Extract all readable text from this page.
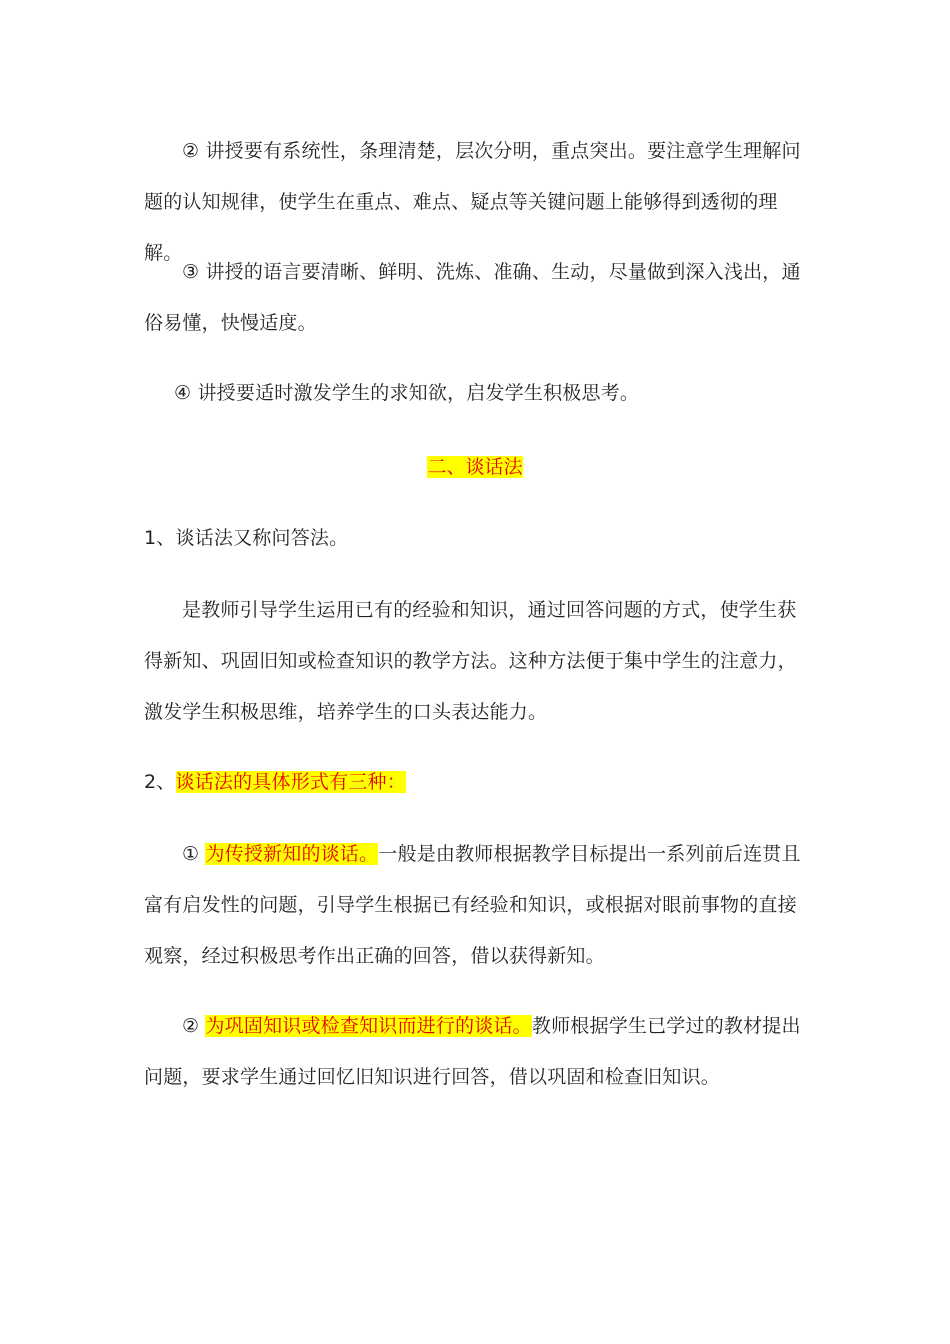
② 讲授要有系统性，条理清楚，层次分明，重点突出。要注意学生理解问题的认知规律，使学生在重点、难点、疑点等关键问题上能够得到透彻的理解。

③ 讲授的语言要清晰、鲜明、洗炼、准确、生动，尽量做到深入浅出，通俗易懂，快慢适度。

④ 讲授要适时激发学生的求知欲，启发学生积极思考。

二、谈话法

1、谈话法又称问答法。

是教师引导学生运用已有的经验和知识，通过回答问题的方式，使学生获得新知、巩固旧知或检查知识的教学方法。这种方法便于集中学生的注意力，激发学生积极思维，培养学生的口头表达能力。

2、谈话法的具体形式有三种：

① 为传授新知的谈话。一般是由教师根据教学目标提出一系列前后连贯且富有启发性的问题，引导学生根据已有经验和知识，或根据对眼前事物的直接观察，经过积极思考作出正确的回答，借以获得新知。

② 为巩固知识或检查知识而进行的谈话。教师根据学生已学过的教材提出问题，要求学生通过回忆旧知识进行回答，借以巩固和检查旧知识。
